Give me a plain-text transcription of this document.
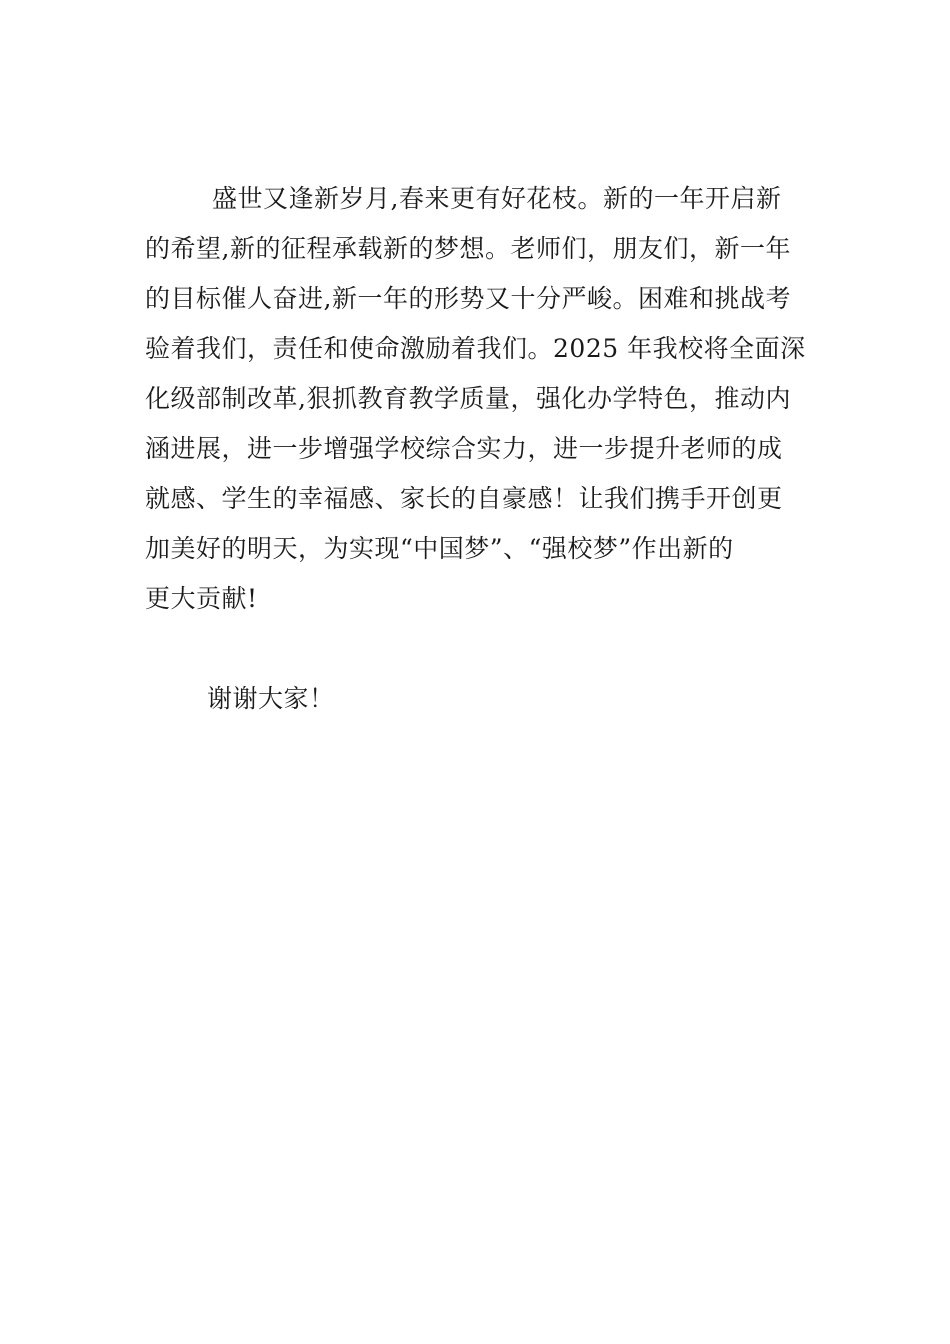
盛世又逢新岁月,春来更有好花枝。新的一年开启新
的希望,新的征程承载新的梦想。老师们，朋友们，新一年
的目标催人奋进,新一年的形势又十分严峻。困难和挑战考
验着我们，责任和使命激励着我们。2025 年我校将全面深
化级部制改革,狠抓教育教学质量，强化办学特色，推动内
涵进展，进一步增强学校综合实力，进一步提升老师的成
就感、学生的幸福感、家长的自豪感！让我们携手开创更
加美好的明天，为实现“中国梦”、“强校梦”作出新的
更大贡献!
谢谢大家！
